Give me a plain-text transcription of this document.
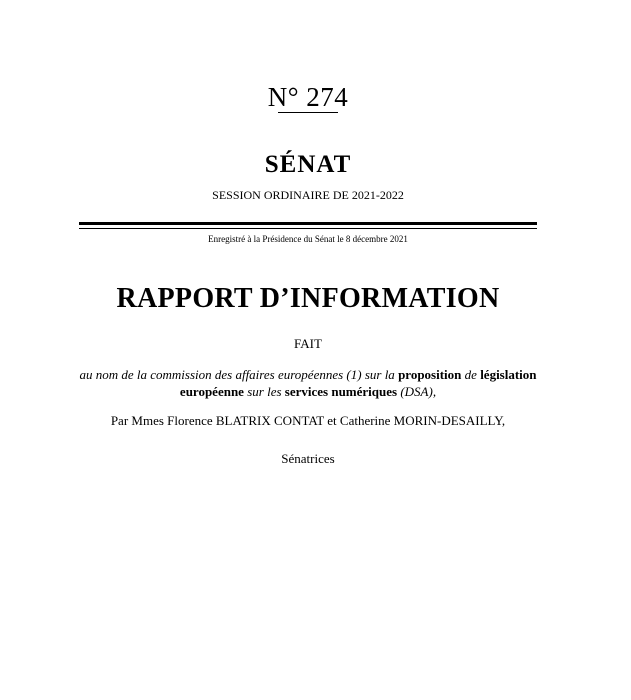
N° 274
SÉNAT
SESSION ORDINAIRE DE 2021-2022
Enregistré à la Présidence du Sénat le 8 décembre 2021
RAPPORT D’INFORMATION
FAIT
au nom de la commission des affaires européennes (1) sur la proposition de législation européenne sur les services numériques (DSA),
Par Mmes Florence BLATRIX CONTAT et Catherine MORIN-DESAILLY,
Sénatrices
